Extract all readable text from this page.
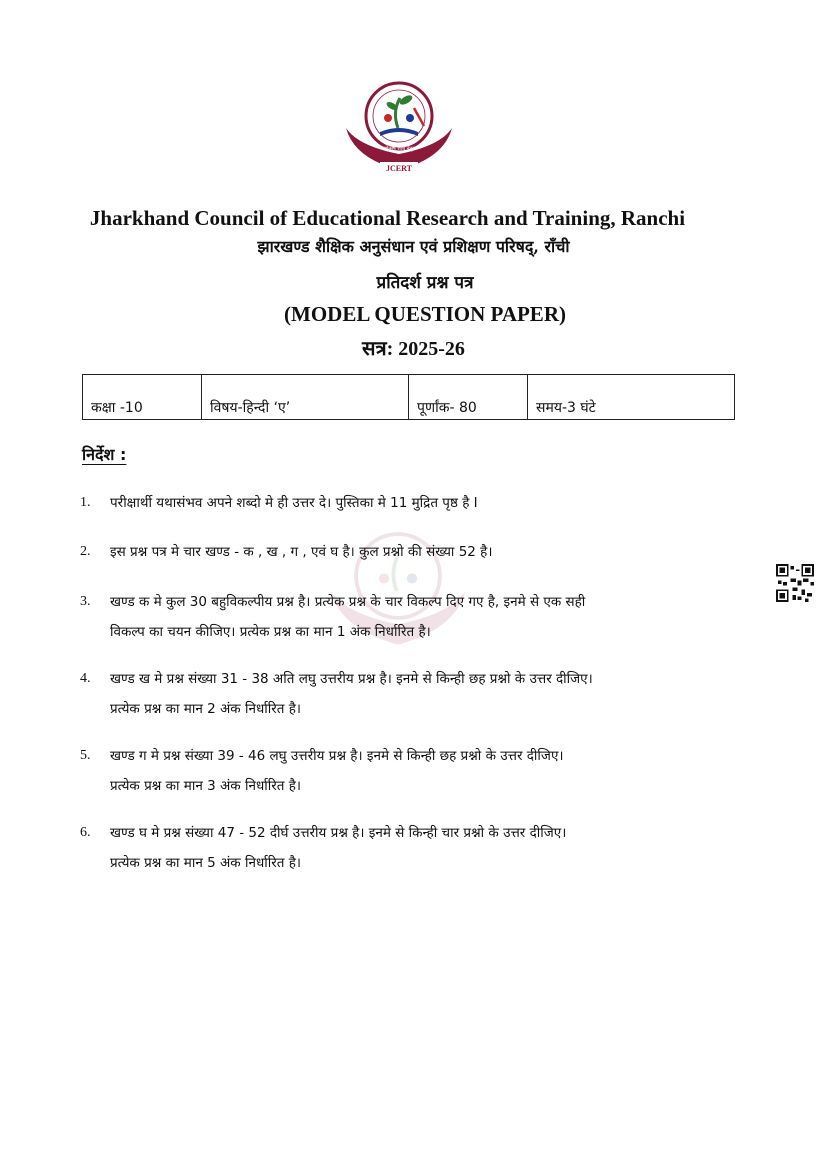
JCERT
नवोन्मेष शोध नेतृत्व
Jharkhand Council of Educational Research and Training, Ranchi
झारखण्ड शैक्षिक अनुसंधान एवं प्रशिक्षण परिषद्, राँची
प्रतिदर्श प्रश्न पत्र
(MODEL QUESTION PAPER)
सत्र: 2025-26
कक्षा -10	विषय-हिन्दी ‘ए’	पूर्णांक- 80	समय-3 घंटे
निर्देश :
1.	परीक्षार्थी यथासंभव अपने शब्दो मे ही उत्तर दे। पुस्तिका मे 11 मुद्रित पृष्ठ है I
2.	इस प्रश्न पत्र मे चार खण्ड - क , ख , ग , एवं घ है। कुल प्रश्नो की संख्या 52 है।
3.	खण्ड क मे कुल 30 बहुविकल्पीय प्रश्न है। प्रत्येक प्रश्न के चार विकल्प दिए गए है, इनमे से एक सही
विकल्प का चयन कीजिए। प्रत्येक प्रश्न का मान 1 अंक निर्धारित है।
4.	खण्ड ख मे प्रश्न संख्या 31 - 38 अति लघु उत्तरीय प्रश्न है। इनमे से किन्ही छह प्रश्नो के उत्तर दीजिए।
प्रत्येक प्रश्न का मान 2 अंक निर्धारित है।
5.	खण्ड ग मे प्रश्न संख्या 39 - 46 लघु उत्तरीय प्रश्न है। इनमे से किन्ही छह प्रश्नो के उत्तर दीजिए।
प्रत्येक प्रश्न का मान 3 अंक निर्धारित है।
6.	खण्ड घ मे प्रश्न संख्या 47 - 52 दीर्घ उत्तरीय प्रश्न है। इनमे से किन्ही चार प्रश्नो के उत्तर दीजिए।
प्रत्येक प्रश्न का मान 5 अंक निर्धारित है।
